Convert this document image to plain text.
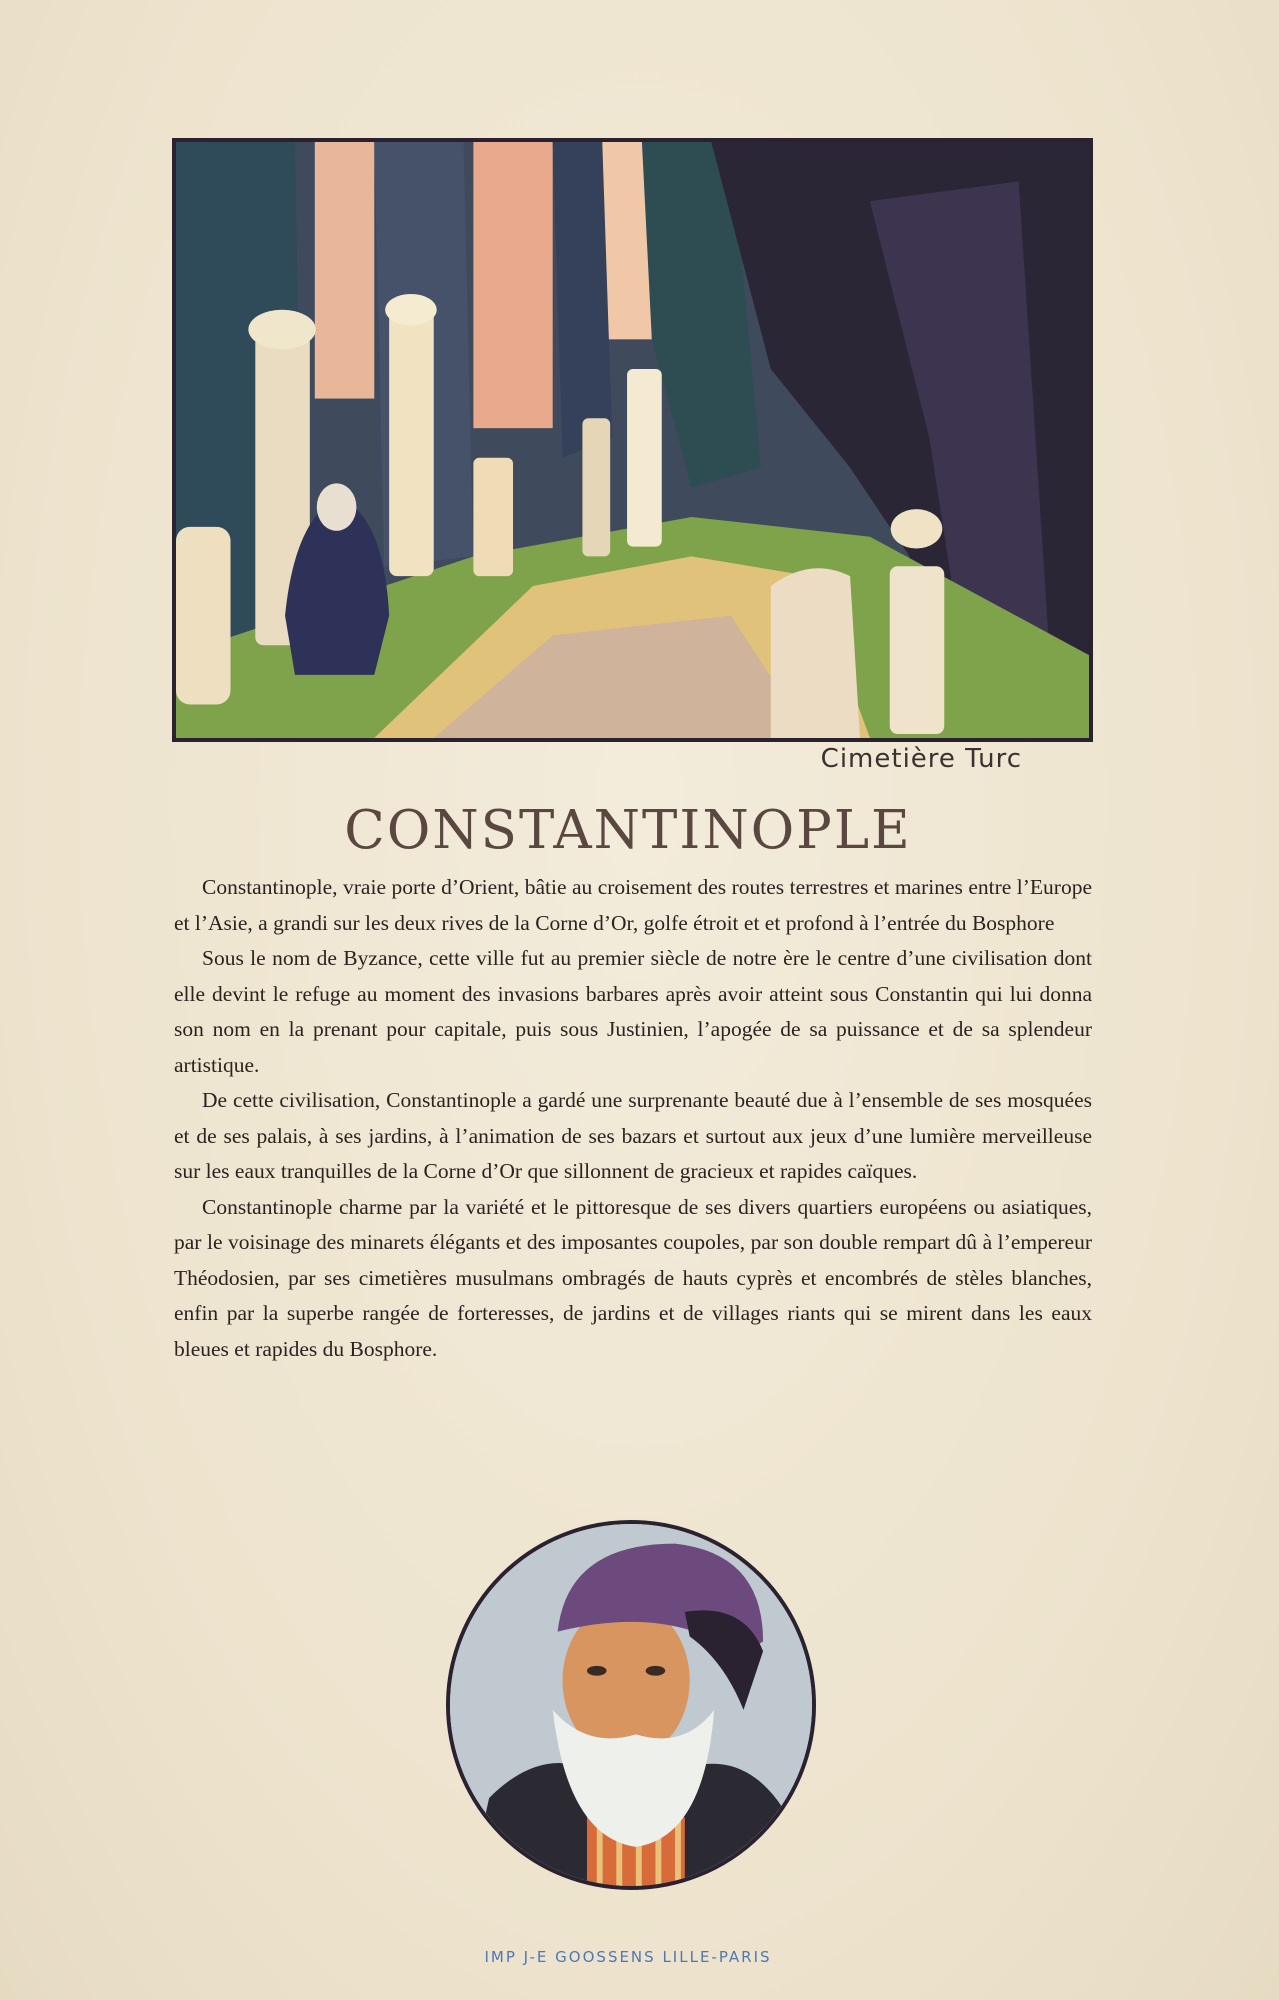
Cimetière Turc
CONSTANTINOPLE

Constantinople, vraie porte d’Orient, bâtie au croisement des routes terrestres et marines entre l’Europe et l’Asie, a grandi sur les deux rives de la Corne d’Or, golfe étroit et et profond à l’entrée du Bosphore

Sous le nom de Byzance, cette ville fut au premier siècle de notre ère le centre d’une civilisation dont elle devint le refuge au moment des invasions barbares après avoir atteint sous Constantin qui lui donna son nom en la prenant pour capitale, puis sous Justinien, l’apogée de sa puissance et de sa splendeur artistique.

De cette civilisation, Constantinople a gardé une surprenante beauté due à l’ensemble de ses mosquées et de ses palais, à ses jardins, à l’animation de ses bazars et surtout aux jeux d’une lumière merveilleuse sur les eaux tranquilles de la Corne d’Or que sillonnent de gracieux et rapides caïques.

Constantinople charme par la variété et le pittoresque de ses divers quartiers européens ou asiatiques, par le voisinage des minarets élégants et des imposantes coupoles, par son double rempart dû à l’empereur Théodosien, par ses cimetières musulmans ombragés de hauts cyprès et encombrés de stèles blanches, enfin par la superbe rangée de forteresses, de jardins et de villages riants qui se mirent dans les eaux bleues et rapides du Bosphore.

IMP J-E GOOSSENS LILLE-PARIS
